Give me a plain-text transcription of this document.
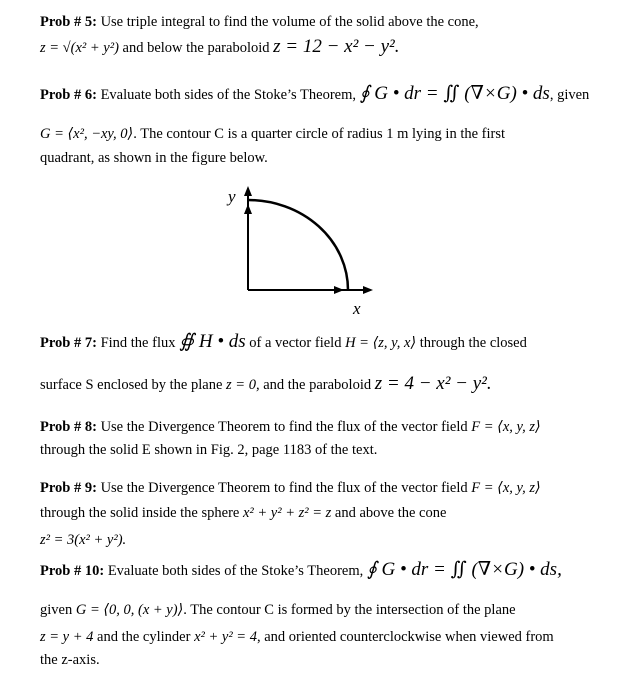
Prob # 5: Use triple integral to find the volume of the solid above the cone,
z = √(x² + y²) and below the paraboloid z = 12 − x² − y².
Prob # 6: Evaluate both sides of the Stoke’s Theorem, ∮ G • dr = ∬ (∇×G) • ds, given
G = ⟨x², −xy, 0⟩. The contour C is a quarter circle of radius 1 m lying in the first
quadrant, as shown in the figure below.
y
x
Prob # 7: Find the flux ∯ H • ds of a vector field H = ⟨z, y, x⟩ through the closed
surface S enclosed by the plane z = 0, and the paraboloid z = 4 − x² − y².
Prob # 8: Use the Divergence Theorem to find the flux of the vector field F = ⟨x, y, z⟩
through the solid E shown in Fig. 2, page 1183 of the text.
Prob # 9: Use the Divergence Theorem to find the flux of the vector field F = ⟨x, y, z⟩
through the solid inside the sphere x² + y² + z² = z and above the cone
z² = 3(x² + y²).
Prob # 10: Evaluate both sides of the Stoke’s Theorem, ∮ G • dr = ∬ (∇×G) • ds,
given G = ⟨0, 0, (x + y)⟩. The contour C is formed by the intersection of the plane
z = y + 4 and the cylinder x² + y² = 4, and oriented counterclockwise when viewed from
the z-axis.
